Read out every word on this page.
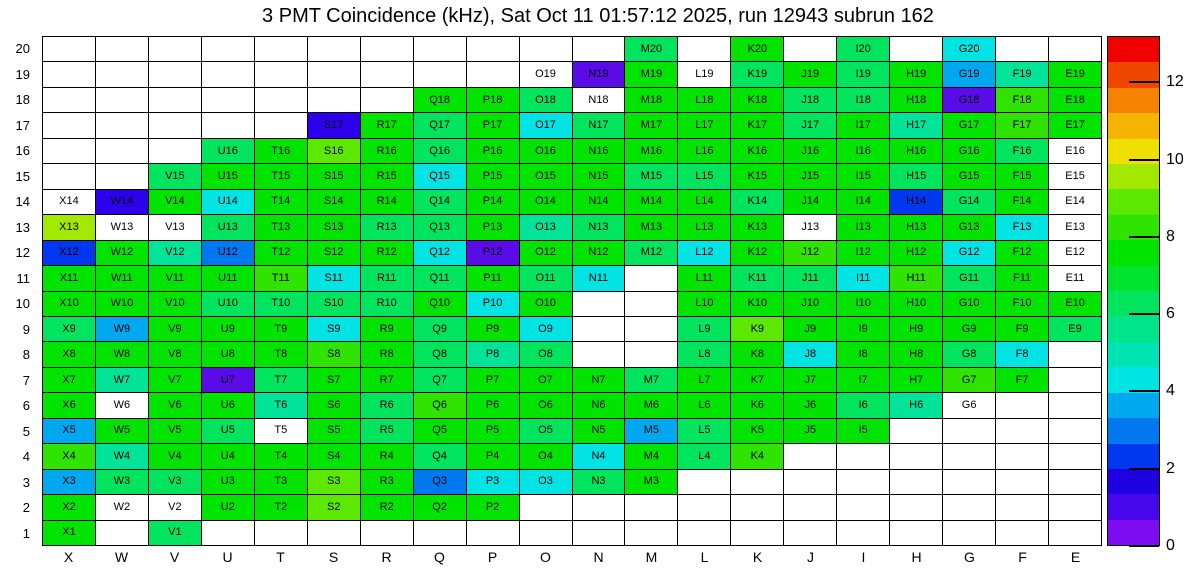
3 PMT Coincidence (kHz), Sat Oct 11 01:57:12 2025, run 12943 subrun 162
20
19
18
17
16
15
14
13
12
11
10
9
8
7
6
5
4
3
2
1
M20	K20	I20	G20
O19	N19	M19	L19	K19	J19	I19	H19	G19	F19	E19
Q18	P18	O18	N18	M18	L18	K18	J18	I18	H18	G18	F18	E18
S17	R17	Q17	P17	O17	N17	M17	L17	K17	J17	I17	H17	G17	F17	E17
U16	T16	S16	R16	Q16	P16	O16	N16	M16	L16	K16	J16	I16	H16	G16	F16	E16
V15	U15	T15	S15	R15	Q15	P15	O15	N15	M15	L15	K15	J15	I15	H15	G15	F15	E15
X14	W14	V14	U14	T14	S14	R14	Q14	P14	O14	N14	M14	L14	K14	J14	I14	H14	G14	F14	E14
X13	W13	V13	U13	T13	S13	R13	Q13	P13	O13	N13	M13	L13	K13	J13	I13	H13	G13	F13	E13
X12	W12	V12	U12	T12	S12	R12	Q12	P12	O12	N12	M12	L12	K12	J12	I12	H12	G12	F12	E12
X11	W11	V11	U11	T11	S11	R11	Q11	P11	O11	N11	L11	K11	J11	I11	H11	G11	F11	E11
X10	W10	V10	U10	T10	S10	R10	Q10	P10	O10	L10	K10	J10	I10	H10	G10	F10	E10
X9	W9	V9	U9	T9	S9	R9	Q9	P9	O9	L9	K9	J9	I9	H9	G9	F9	E9
X8	W8	V8	U8	T8	S8	R8	Q8	P8	O8	L8	K8	J8	I8	H8	G8	F8
X7	W7	V7	U7	T7	S7	R7	Q7	P7	O7	N7	M7	L7	K7	J7	I7	H7	G7	F7
X6	W6	V6	U6	T6	S6	R6	Q6	P6	O6	N6	M6	L6	K6	J6	I6	H6	G6
X5	W5	V5	U5	T5	S5	R5	Q5	P5	O5	N5	M5	L5	K5	J5	I5
X4	W4	V4	U4	T4	S4	R4	Q4	P4	O4	N4	M4	L4	K4
X3	W3	V3	U3	T3	S3	R3	Q3	P3	O3	N3	M3
X2	W2	V2	U2	T2	S2	R2	Q2	P2
X1	V1
X	W	V	U	T	S	R	Q	P	O	N	M	L	K	J	I	H	G	F	E
0
2
4
6
8
10
12
